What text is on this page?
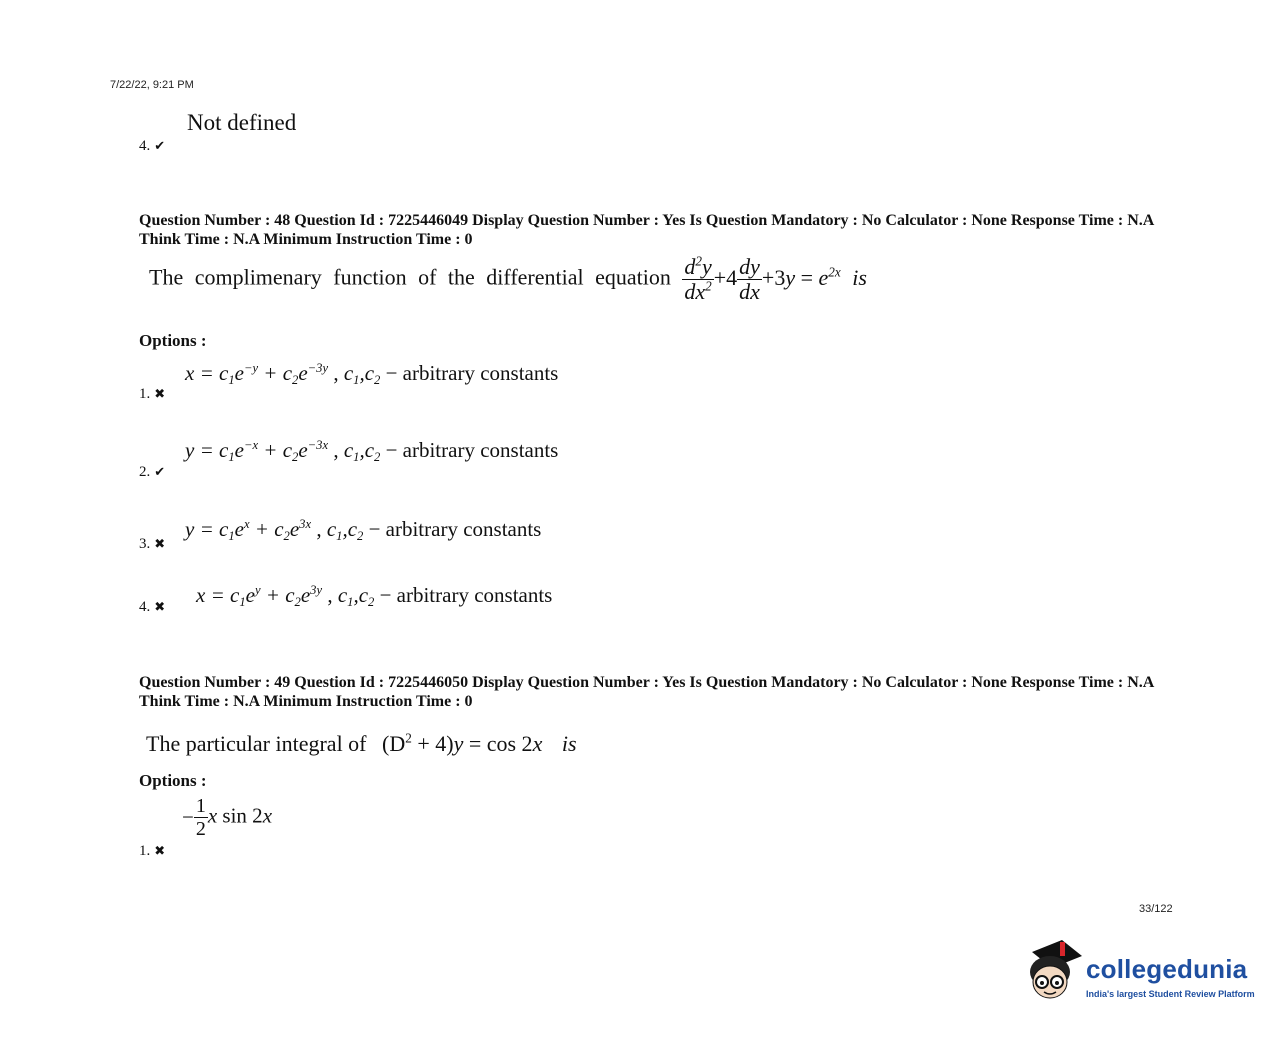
7/22/22, 9:21 PM
Not defined
4. ✔
Question Number : 48 Question Id : 7225446049 Display Question Number : Yes Is Question Mandatory : No Calculator : None Response Time : N.A Think Time : N.A Minimum Instruction Time : 0
The complimenary function of the differential equation $\frac{d^2y}{dx^2} +4 \frac{dy}{dx} +3y = e^{2x}$ is
Options :
$x = c_1e^{-y} + c_2e^{-3y}$ , $c_1,c_2$ − arbitrary constants
1. ✖
$y = c_1e^{-x} + c_2e^{-3x}$ , $c_1,c_2$ − arbitrary constants
2. ✔
$y = c_1e^x + c_2e^{3x}$ , $c_1,c_2$ − arbitrary constants
3. ✖
$x = c_1e^y + c_2e^{3y}$ , $c_1,c_2$ − arbitrary constants
4. ✖
Question Number : 49 Question Id : 7225446050 Display Question Number : Yes Is Question Mandatory : No Calculator : None Response Time : N.A Think Time : N.A Minimum Instruction Time : 0
The particular integral of $(D^2 + 4)y = \cos 2x$ is
Options :
− $\frac{1}{2}$ x sin 2x
1. ✖
33/122
collegedunia
India's largest Student Review Platform
